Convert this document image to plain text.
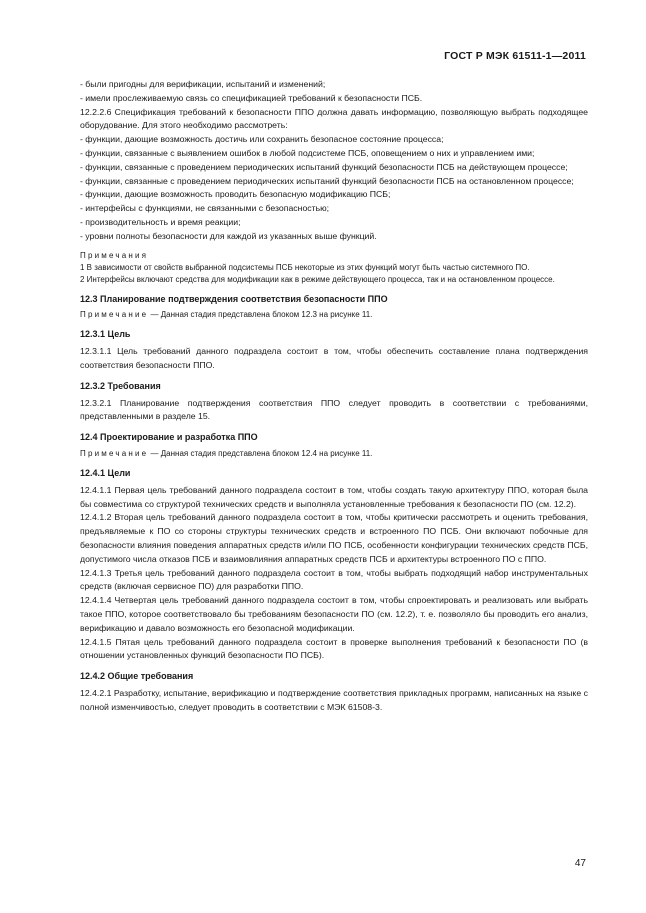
ГОСТ Р МЭК 61511-1—2011

- были пригодны для верификации, испытаний и изменений;

- имели прослеживаемую связь со спецификацией требований к безопасности ПСБ.

12.2.2.6 Спецификация требований к безопасности ППО должна давать информацию, позволяющую выбрать подходящее оборудование. Для этого необходимо рассмотреть:

- функции, дающие возможность достичь или сохранить безопасное состояние процесса;

- функции, связанные с выявлением ошибок в любой подсистеме ПСБ, оповещением о них и управлением ими;

- функции, связанные с проведением периодических испытаний функций безопасности ПСБ на действующем процессе;

- функции, связанные с проведением периодических испытаний функций безопасности ПСБ на остановленном процессе;

- функции, дающие возможность проводить безопасную модификацию ПСБ;

- интерфейсы с функциями, не связанными с безопасностью;

- производительность и время реакции;

- уровни полноты безопасности для каждой из указанных выше функций.

Примечания

1 В зависимости от свойств выбранной подсистемы ПСБ некоторые из этих функций могут быть частью системного ПО.

2 Интерфейсы включают средства для модификации как в режиме действующего процесса, так и на остановленном процессе.

12.3 Планирование подтверждения соответствия безопасности ППО

Примечание — Данная стадия представлена блоком 12.3 на рисунке 11.

12.3.1 Цель

12.3.1.1 Цель требований данного подраздела состоит в том, чтобы обеспечить составление плана подтверждения соответствия безопасности ППО.

12.3.2 Требования

12.3.2.1 Планирование подтверждения соответствия ППО следует проводить в соответствии с требованиями, представленными в разделе 15.

12.4 Проектирование и разработка ППО

Примечание — Данная стадия представлена блоком 12.4 на рисунке 11.

12.4.1 Цели

12.4.1.1 Первая цель требований данного подраздела состоит в том, чтобы создать такую архитектуру ППО, которая была бы совместима со структурой технических средств и выполняла установленные требования к безопасности ПО (см. 12.2).

12.4.1.2 Вторая цель требований данного подраздела состоит в том, чтобы критически рассмотреть и оценить требования, предъявляемые к ПО со стороны структуры технических средств и встроенного ПО ПСБ. Они включают побочные для безопасности влияния поведения аппаратных средств и/или ПО ПСБ, особенности конфигурации технических средств ПСБ, допустимого числа отказов ПСБ и взаимовлияния аппаратных средств ПСБ и архитектуры встроенного ПО с ППО.

12.4.1.3 Третья цель требований данного подраздела состоит в том, чтобы выбрать подходящий набор инструментальных средств (включая сервисное ПО) для разработки ППО.

12.4.1.4 Четвертая цель требований данного подраздела состоит в том, чтобы спроектировать и реализовать или выбрать такое ППО, которое соответствовало бы требованиям безопасности ПО (см. 12.2), т. е. позволяло бы проводить его анализ, верификацию и давало возможность его безопасной модификации.

12.4.1.5 Пятая цель требований данного подраздела состоит в проверке выполнения требований к безопасности ПО (в отношении установленных функций безопасности ПО ПСБ).

12.4.2 Общие требования

12.4.2.1 Разработку, испытание, верификацию и подтверждение соответствия прикладных программ, написанных на языке с полной изменчивостью, следует проводить в соответствии с МЭК 61508-3.

47
